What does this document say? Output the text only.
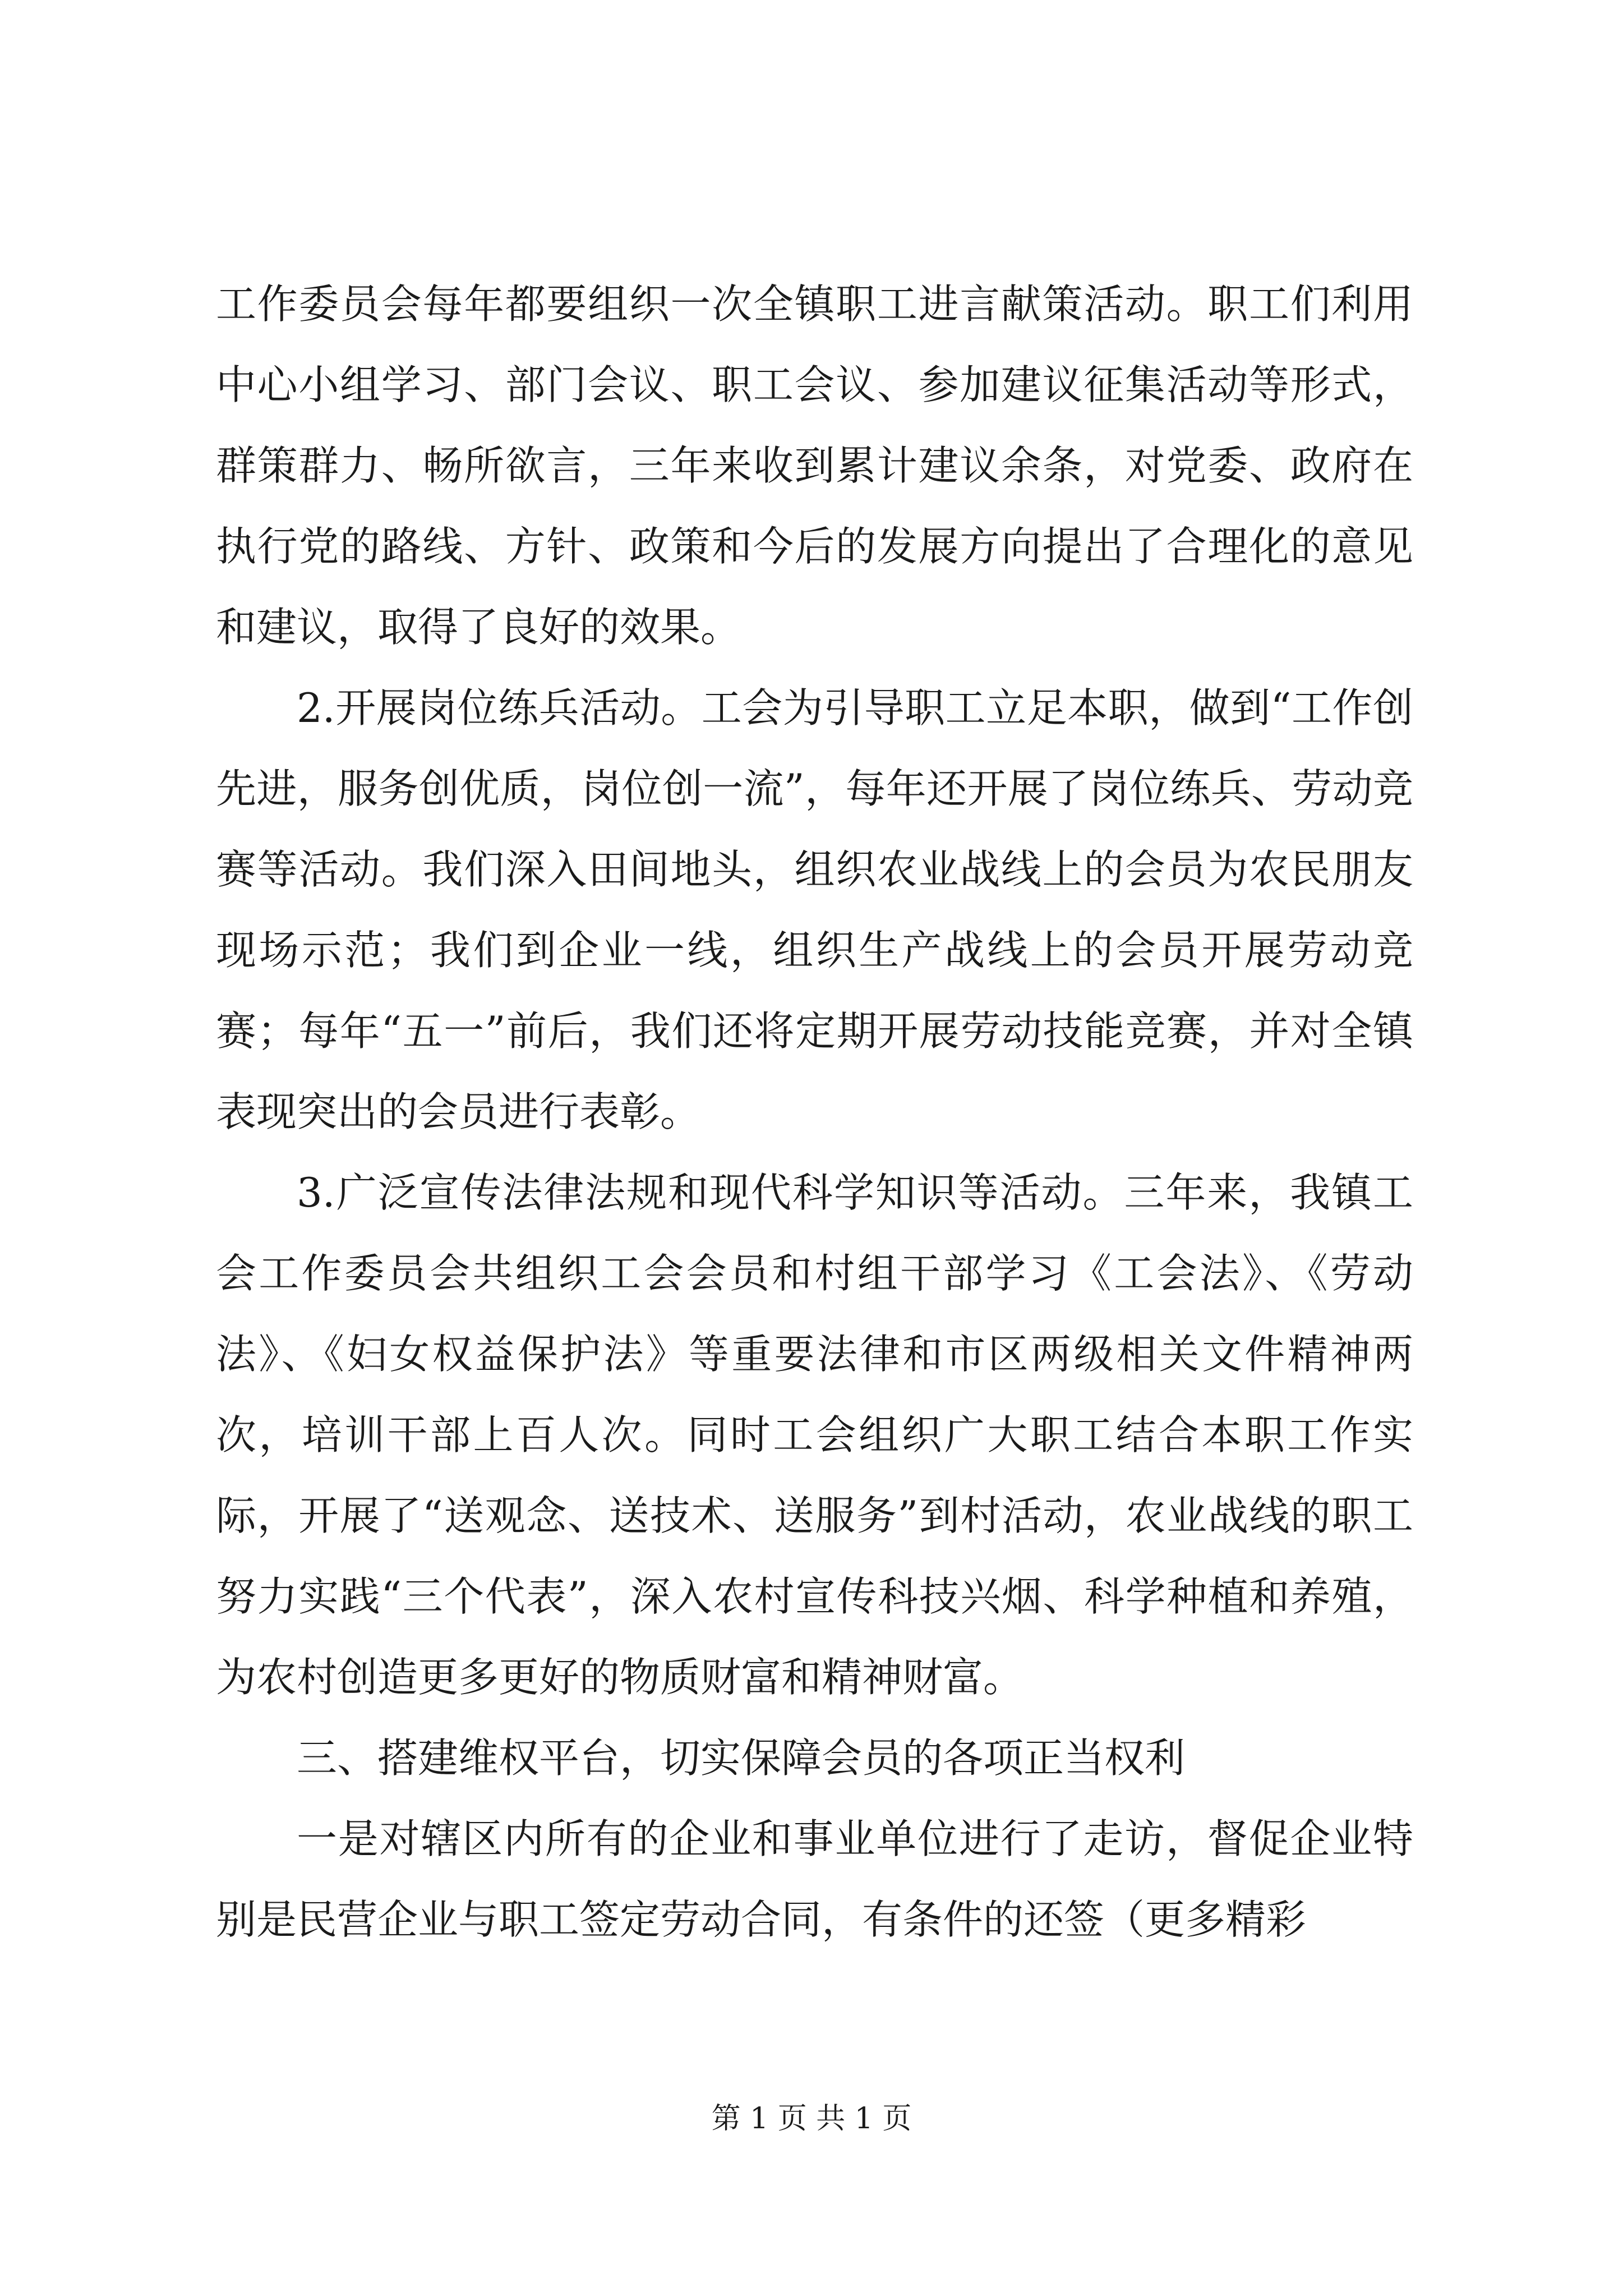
工作委员会每年都要组织一次全镇职工进言献策活动。职工们利用中心小组学习、部门会议、职工会议、参加建议征集活动等形式，群策群力、畅所欲言，三年来收到累计建议余条，对党委、政府在执行党的路线、方针、政策和今后的发展方向提出了合理化的意见和建议，取得了良好的效果。

2.开展岗位练兵活动。工会为引导职工立足本职，做到“工作创先进，服务创优质，岗位创一流”，每年还开展了岗位练兵、劳动竞赛等活动。我们深入田间地头，组织农业战线上的会员为农民朋友现场示范；我们到企业一线，组织生产战线上的会员开展劳动竞赛；每年“五一”前后，我们还将定期开展劳动技能竞赛，并对全镇表现突出的会员进行表彰。

3.广泛宣传法律法规和现代科学知识等活动。三年来，我镇工会工作委员会共组织工会会员和村组干部学习《工会法》、《劳动法》、《妇女权益保护法》等重要法律和市区两级相关文件精神两次，培训干部上百人次。同时工会组织广大职工结合本职工作实际，开展了“送观念、送技术、送服务”到村活动，农业战线的职工努力实践“三个代表”，深入农村宣传科技兴烟、科学种植和养殖，为农村创造更多更好的物质财富和精神财富。

三、搭建维权平台，切实保障会员的各项正当权利

一是对辖区内所有的企业和事业单位进行了走访，督促企业特别是民营企业与职工签定劳动合同，有条件的还签（更多精彩

第 1 页 共 1 页
